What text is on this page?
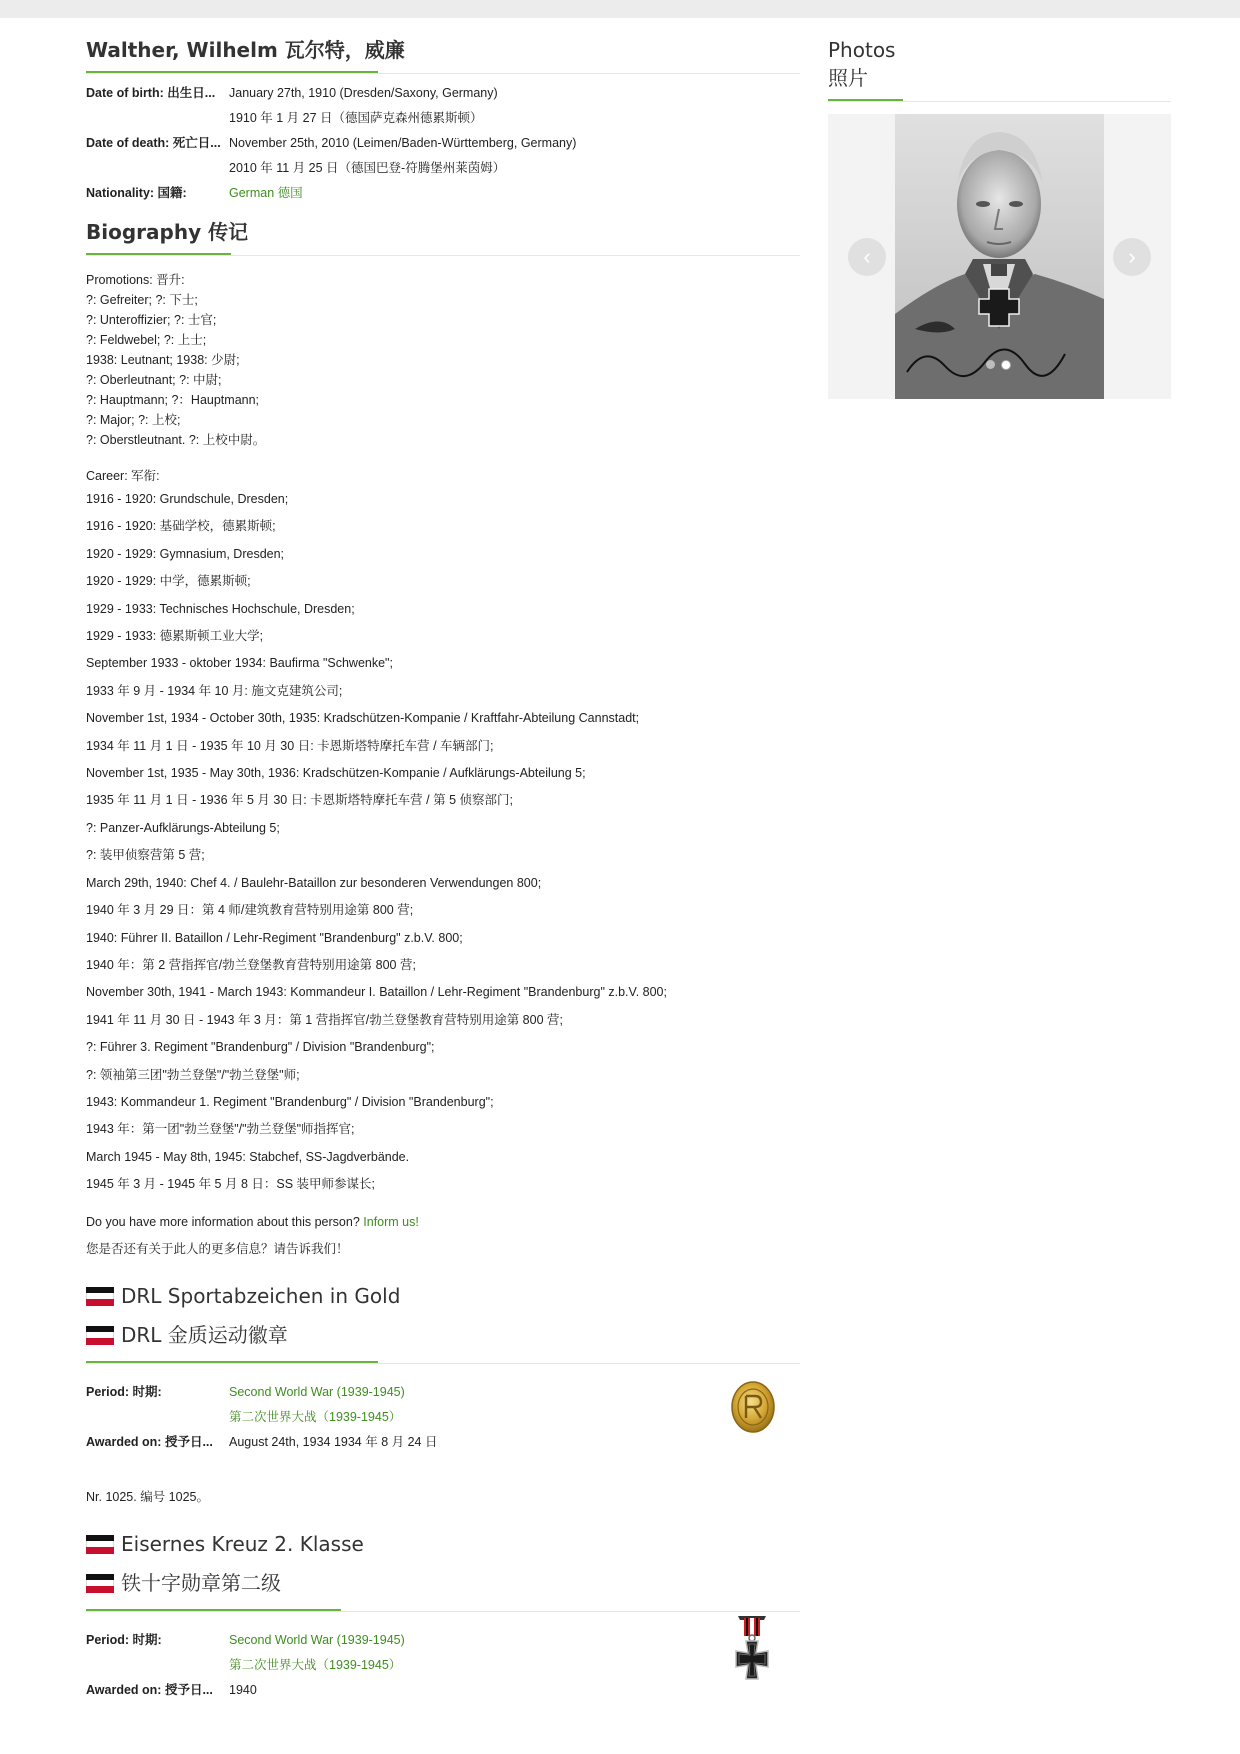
Walther, Wilhelm 瓦尔特，威廉
Date of birth: 出生日...	January 27th, 1910 (Dresden/Saxony, Germany)
1910 年 1 月 27 日（德国萨克森州德累斯顿）
Date of death: 死亡日... November 25th, 2010 (Leimen/Baden-Württemberg, Germany)
2010 年 11 月 25 日（德国巴登-符腾堡州莱茵姆）
Nationality: 国籍:	German 德国
Biography 传记
Promotions: 晋升:
?: Gefreiter; ?: 下士;
?: Unteroffizier; ?: 士官;
?: Feldwebel; ?: 上士;
1938: Leutnant; 1938: 少尉;
?: Oberleutnant; ?: 中尉;
?: Hauptmann; ?：Hauptmann;
?: Major; ?: 上校;
?: Oberstleutnant. ?: 上校中尉。
Career: 军衔:
1916 - 1920: Grundschule, Dresden;
1916 - 1920: 基础学校，德累斯顿;
1920 - 1929: Gymnasium, Dresden;
1920 - 1929: 中学，德累斯顿;
1929 - 1933: Technisches Hochschule, Dresden;
1929 - 1933: 德累斯顿工业大学;
September 1933 - oktober 1934: Baufirma "Schwenke";
1933 年 9 月 - 1934 年 10 月: 施文克建筑公司;
November 1st, 1934 - October 30th, 1935: Kradschützen-Kompanie / Kraftfahr-Abteilung Cannstadt;
1934 年 11 月 1 日 - 1935 年 10 月 30 日: 卡恩斯塔特摩托车营 / 车辆部门;
November 1st, 1935 - May 30th, 1936: Kradschützen-Kompanie / Aufklärungs-Abteilung 5;
1935 年 11 月 1 日 - 1936 年 5 月 30 日: 卡恩斯塔特摩托车营 / 第 5 侦察部门;
?: Panzer-Aufklärungs-Abteilung 5;
?: 装甲侦察营第 5 营;
March 29th, 1940: Chef 4. / Baulehr-Bataillon zur besonderen Verwendungen 800;
1940 年 3 月 29 日：第 4 师/建筑教育营特别用途第 800 营;
1940: Führer II. Bataillon / Lehr-Regiment "Brandenburg" z.b.V. 800;
1940 年：第 2 营指挥官/勃兰登堡教育营特别用途第 800 营;
November 30th, 1941 - March 1943: Kommandeur I. Bataillon / Lehr-Regiment "Brandenburg" z.b.V. 800;
1941 年 11 月 30 日 - 1943 年 3 月：第 1 营指挥官/勃兰登堡教育营特别用途第 800 营;
?: Führer 3. Regiment "Brandenburg" / Division "Brandenburg";
?: 领袖第三团"勃兰登堡"/"勃兰登堡"师;
1943: Kommandeur 1. Regiment "Brandenburg" / Division "Brandenburg";
1943 年：第一团"勃兰登堡"/"勃兰登堡"师指挥官;
March 1945 - May 8th, 1945: Stabchef, SS-Jagdverbände.
1945 年 3 月 - 1945 年 5 月 8 日：SS 装甲师参谋长;
Do you have more information about this person? Inform us!
您是否还有关于此人的更多信息？请告诉我们！
DRL Sportabzeichen in Gold
DRL 金质运动徽章
Period: 时期:	Second World War (1939-1945)
第二次世界大战（1939-1945）
Awarded on: 授予日...	August 24th, 1934 1934 年 8 月 24 日
Nr. 1025. 编号 1025。
Eisernes Kreuz 2. Klasse
铁十字勋章第二级
Period: 时期:	Second World War (1939-1945)
第二次世界大战（1939-1945）
Awarded on: 授予日...	1940
Photos
照片
‹	›
